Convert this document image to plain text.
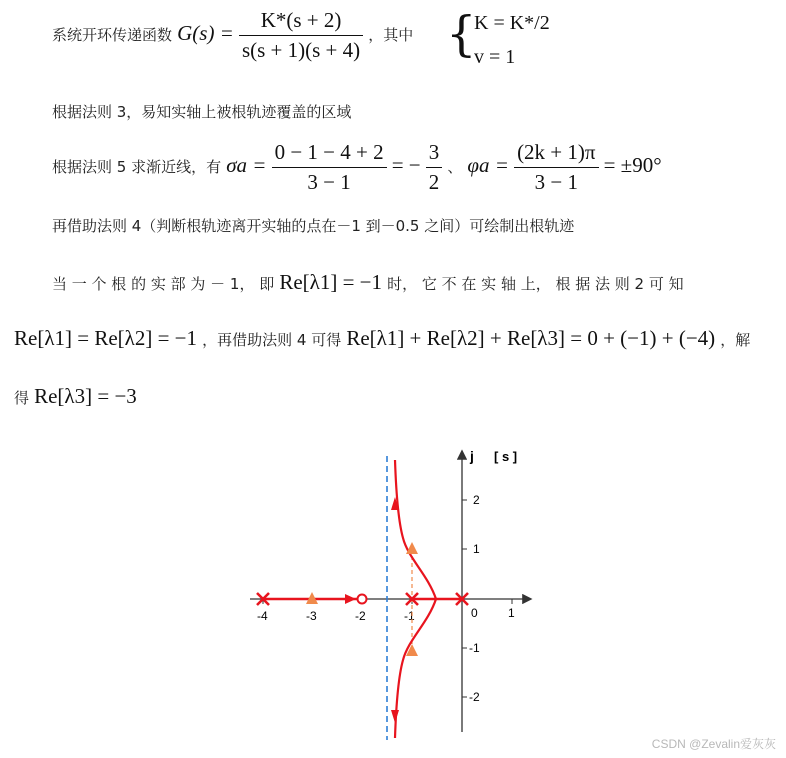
系统开环传递函数 $G(s) = \frac{K*(s + 2)}{s(s + 1)(s + 4)}$ ，其中 {
K = K*/2
v = 1
根据法则 3，易知实轴上被根轨迹覆盖的区域
根据法则 5 求渐近线，有 $\sigma a = \frac{0 - 1 - 4 + 2}{3 - 1}$ = − $\frac{3}{2}$ 、 $\varphi a = \frac{(2k + 1)\pi}{3 - 1} = \pm 90^\circ$
再借助法则 4（判断根轨迹离开实轴的点在－1 到－0.5 之间）可绘制出根轨迹
当 一 个 根 的 实 部 为 － 1， 即 Re[λ1] = −1 时， 它 不 在 实 轴 上， 根 据 法 则 2 可 知
Re[λ1] = Re[λ2] = −1 ，再借助法则 4 可得 Re[λ1] + Re[λ2] + Re[λ3] = 0 + (−1) + (−4) ，解
得 Re[λ3] = −3
-4	-3	-2	-1	0	1
2
1
-1
-2
j [ s ]
CSDN @Zevalin爱灰灰
